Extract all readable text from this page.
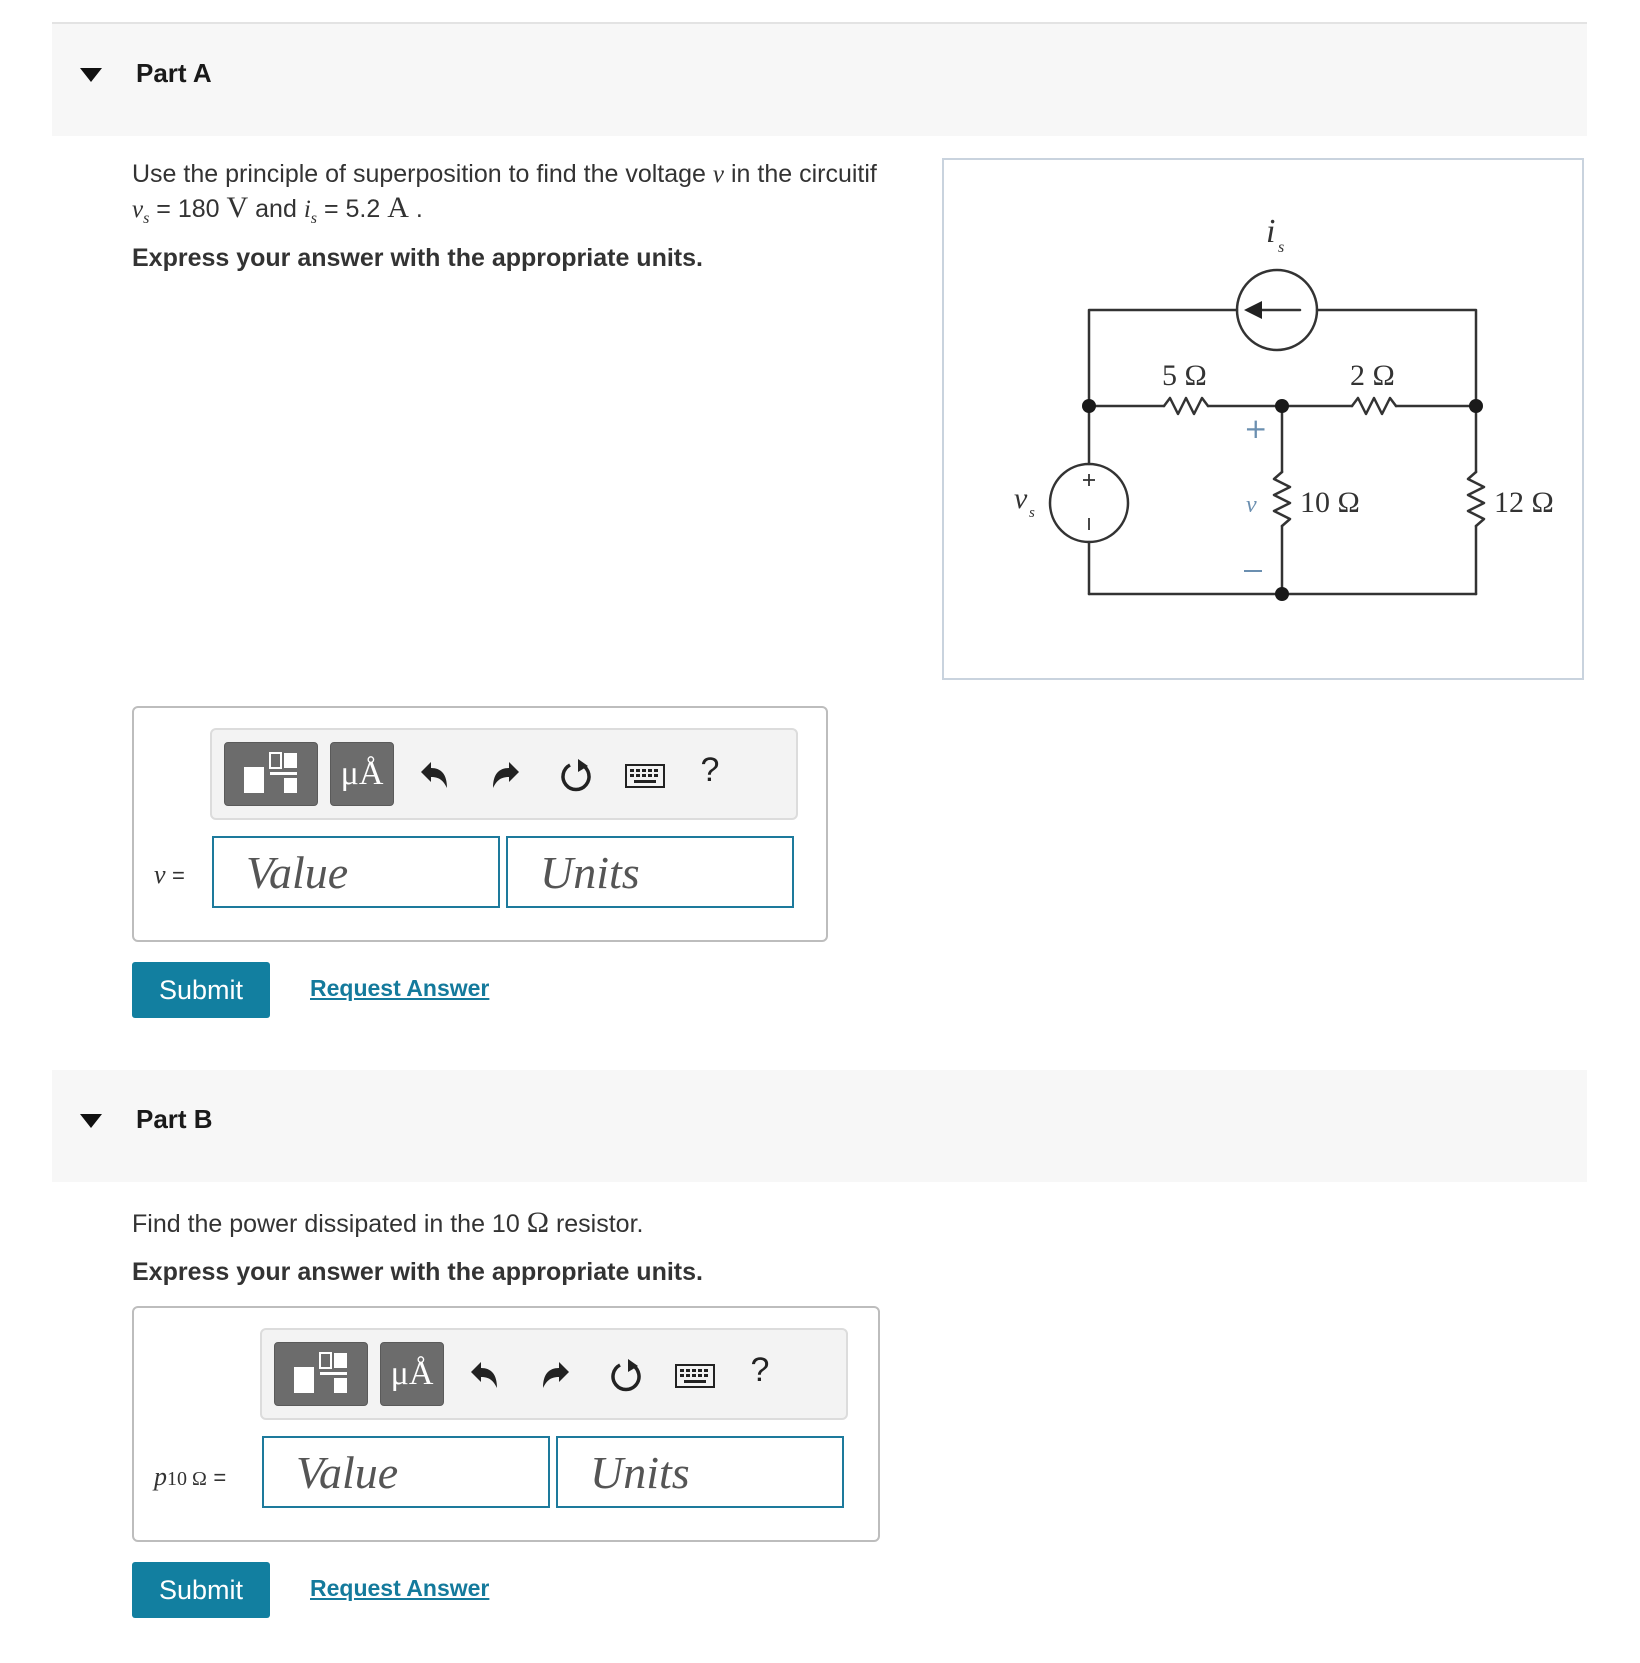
Part A
Use the principle of superposition to find the voltage v in the circuitif
$v_s = 180$ V and $i_s = 5.2$ A .
Express your answer with the appropriate units.
i s
v s
5 Ω	2 Ω
10 Ω	12 Ω
v
+
μÅ	?
v =	Value	Units
Submit	Request Answer
Part B
Find the power dissipated in the 10 Ω resistor.
Express your answer with the appropriate units.
μÅ	?
p10 Ω =	Value	Units
Submit	Request Answer
